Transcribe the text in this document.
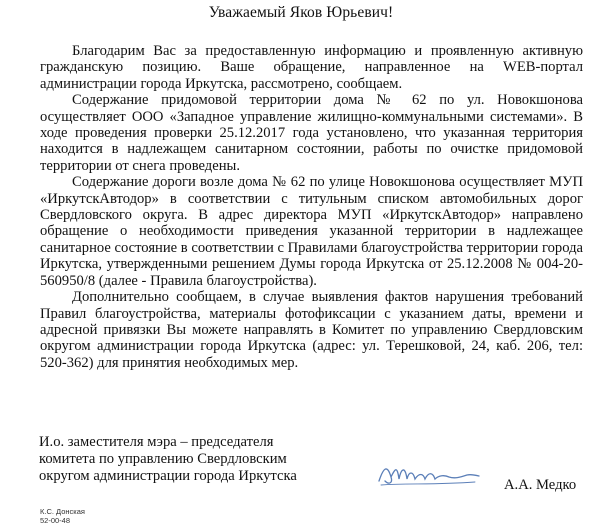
Уважаемый Яков Юрьевич!

Благодарим Вас за предоставленную информацию и проявленную активную гражданскую позицию. Ваше обращение, направленное на WEB-портал администрации города Иркутска, рассмотрено, сообщаем.

Содержание придомовой территории дома № 62 по ул. Новокшонова осуществляет ООО «Западное управление жилищно-коммунальными системами». В ходе проведения проверки 25.12.2017 года установлено, что указанная территория находится в надлежащем санитарном состоянии, работы по очистке придомовой территории от снега проведены.

Содержание дороги возле дома № 62 по улице Новокшонова осуществляет МУП «ИркутскАвтодор» в соответствии с титульным списком автомобильных дорог Свердловского округа. В адрес директора МУП «ИркутскАвтодор» направлено обращение о необходимости приведения указанной территории в надлежащее санитарное состояние в соответствии с Правилами благоустройства территории города Иркутска, утвержденными решением Думы города Иркутска от 25.12.2008 № 004-20-560950/8 (далее - Правила благоустройства).

Дополнительно сообщаем, в случае выявления фактов нарушения требований Правил благоустройства, материалы фотофиксации с указанием даты, времени и адресной привязки Вы можете направлять в Комитет по управлению Свердловским округом администрации города Иркутска (адрес: ул. Терешковой, 24, каб. 206, тел: 520-362) для принятия необходимых мер.

И.о. заместителя мэра – председателя
комитета по управлению Свердловским
округом администрации города Иркутска
А.А. Медко
К.С. Донская
52-00-48
